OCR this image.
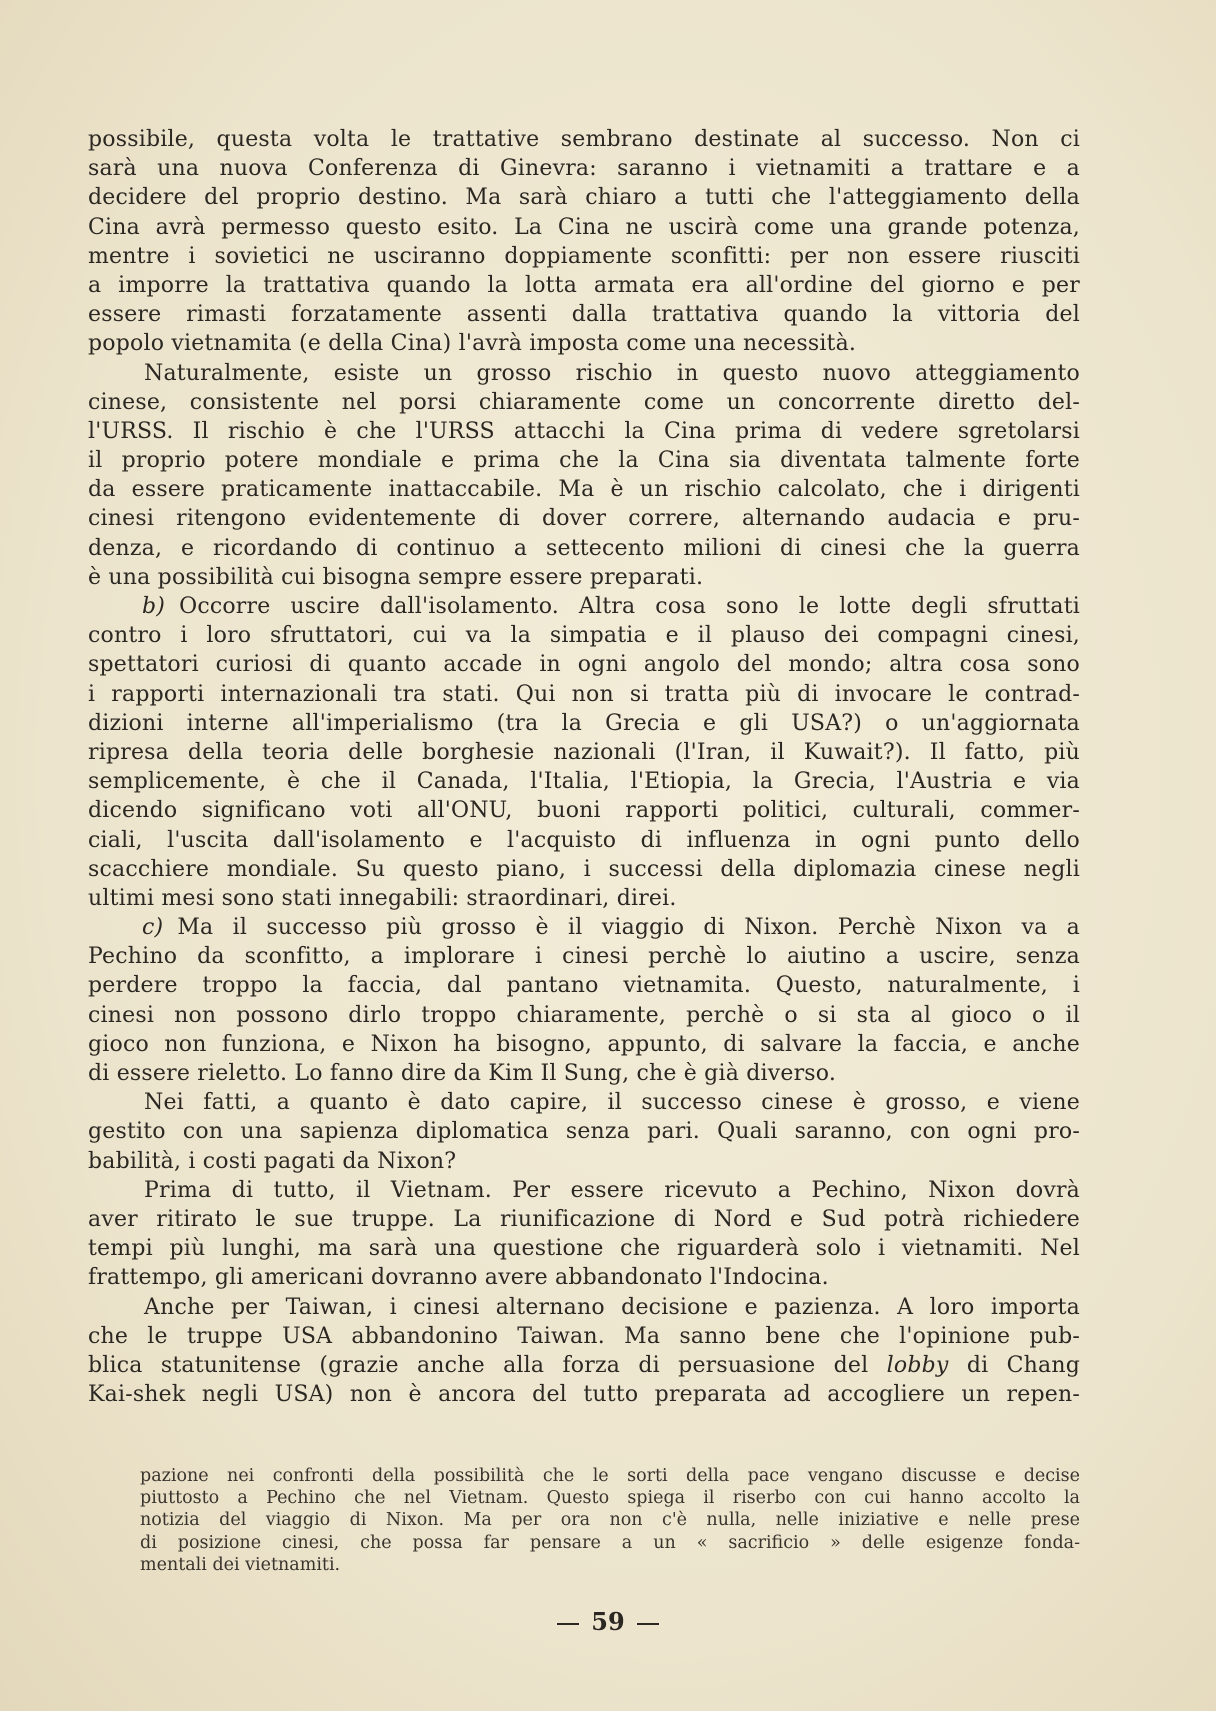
possibile, questa volta le trattative sembrano destinate al successo. Non ci
sarà una nuova Conferenza di Ginevra: saranno i vietnamiti a trattare e a
decidere del proprio destino. Ma sarà chiaro a tutti che l'atteggiamento della
Cina avrà permesso questo esito. La Cina ne uscirà come una grande potenza,
mentre i sovietici ne usciranno doppiamente sconfitti: per non essere riusciti
a imporre la trattativa quando la lotta armata era all'ordine del giorno e per
essere rimasti forzatamente assenti dalla trattativa quando la vittoria del
popolo vietnamita (e della Cina) l'avrà imposta come una necessità.
Naturalmente, esiste un grosso rischio in questo nuovo atteggiamento
cinese, consistente nel porsi chiaramente come un concorrente diretto del-
l'URSS. Il rischio è che l'URSS attacchi la Cina prima di vedere sgretolarsi
il proprio potere mondiale e prima che la Cina sia diventata talmente forte
da essere praticamente inattaccabile. Ma è un rischio calcolato, che i dirigenti
cinesi ritengono evidentemente di dover correre, alternando audacia e pru-
denza, e ricordando di continuo a settecento milioni di cinesi che la guerra
è una possibilità cui bisogna sempre essere preparati.
b) Occorre uscire dall'isolamento. Altra cosa sono le lotte degli sfruttati
contro i loro sfruttatori, cui va la simpatia e il plauso dei compagni cinesi,
spettatori curiosi di quanto accade in ogni angolo del mondo; altra cosa sono
i rapporti internazionali tra stati. Qui non si tratta più di invocare le contrad-
dizioni interne all'imperialismo (tra la Grecia e gli USA?) o un'aggiornata
ripresa della teoria delle borghesie nazionali (l'Iran, il Kuwait?). Il fatto, più
semplicemente, è che il Canada, l'Italia, l'Etiopia, la Grecia, l'Austria e via
dicendo significano voti all'ONU, buoni rapporti politici, culturali, commer-
ciali, l'uscita dall'isolamento e l'acquisto di influenza in ogni punto dello
scacchiere mondiale. Su questo piano, i successi della diplomazia cinese negli
ultimi mesi sono stati innegabili: straordinari, direi.
c) Ma il successo più grosso è il viaggio di Nixon. Perchè Nixon va a
Pechino da sconfitto, a implorare i cinesi perchè lo aiutino a uscire, senza
perdere troppo la faccia, dal pantano vietnamita. Questo, naturalmente, i
cinesi non possono dirlo troppo chiaramente, perchè o si sta al gioco o il
gioco non funziona, e Nixon ha bisogno, appunto, di salvare la faccia, e anche
di essere rieletto. Lo fanno dire da Kim Il Sung, che è già diverso.
Nei fatti, a quanto è dato capire, il successo cinese è grosso, e viene
gestito con una sapienza diplomatica senza pari. Quali saranno, con ogni pro-
babilità, i costi pagati da Nixon?
Prima di tutto, il Vietnam. Per essere ricevuto a Pechino, Nixon dovrà
aver ritirato le sue truppe. La riunificazione di Nord e Sud potrà richiedere
tempi più lunghi, ma sarà una questione che riguarderà solo i vietnamiti. Nel
frattempo, gli americani dovranno avere abbandonato l'Indocina.
Anche per Taiwan, i cinesi alternano decisione e pazienza. A loro importa
che le truppe USA abbandonino Taiwan. Ma sanno bene che l'opinione pub-
blica statunitense (grazie anche alla forza di persuasione del lobby di Chang
Kai-shek negli USA) non è ancora del tutto preparata ad accogliere un repen-
pazione nei confronti della possibilità che le sorti della pace vengano discusse e decise
piuttosto a Pechino che nel Vietnam. Questo spiega il riserbo con cui hanno accolto la
notizia del viaggio di Nixon. Ma per ora non c'è nulla, nelle iniziative e nelle prese
di posizione cinesi, che possa far pensare a un « sacrificio » delle esigenze fonda-
mentali dei vietnamiti.
59
